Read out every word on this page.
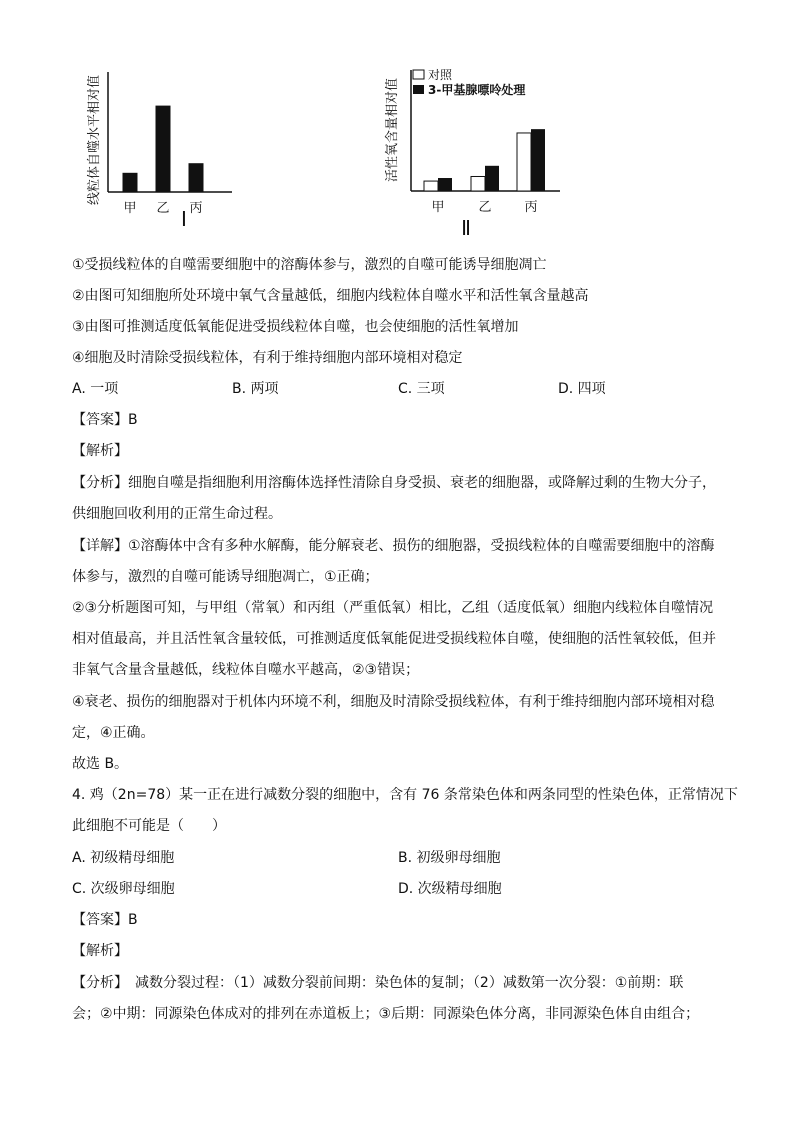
线粒体自噬水平相对值
甲 乙 丙
Ⅰ
活性氧含量相对值
对照
3-甲基腺嘌呤处理
甲	乙	丙
Ⅱ
①受损线粒体的自噬需要细胞中的溶酶体参与，激烈的自噬可能诱导细胞凋亡
②由图可知细胞所处环境中氧气含量越低，细胞内线粒体自噬水平和活性氧含量越高
③由图可推测适度低氧能促进受损线粒体自噬，也会使细胞的活性氧增加
④细胞及时清除受损线粒体，有利于维持细胞内部环境相对稳定
A. 一项	B. 两项	C. 三项	D. 四项
【答案】B
【解析】
【分析】细胞自噬是指细胞利用溶酶体选择性清除自身受损、衰老的细胞器，或降解过剩的生物大分子，
供细胞回收利用的正常生命过程。
【详解】①溶酶体中含有多种水解酶，能分解衰老、损伤的细胞器，受损线粒体的自噬需要细胞中的溶酶
体参与，激烈的自噬可能诱导细胞凋亡，①正确；
②③分析题图可知，与甲组（常氧）和丙组（严重低氧）相比，乙组（适度低氧）细胞内线粒体自噬情况
相对值最高，并且活性氧含量较低，可推测适度低氧能促进受损线粒体自噬，使细胞的活性氧较低，但并
非氧气含量含量越低，线粒体自噬水平越高，②③错误；
④衰老、损伤的细胞器对于机体内环境不利，细胞及时清除受损线粒体，有利于维持细胞内部环境相对稳
定，④正确。
故选 B。
4. 鸡（2n=78）某一正在进行减数分裂的细胞中，含有 76 条常染色体和两条同型的性染色体，正常情况下
此细胞不可能是（　　）
A. 初级精母细胞	B. 初级卵母细胞
C. 次级卵母细胞	D. 次级精母细胞
【答案】B
【解析】
【分析】　减数分裂过程：（1）减数分裂前间期：染色体的复制；（2）减数第一次分裂：①前期：联
会；②中期：同源染色体成对的排列在赤道板上；③后期：同源染色体分离，非同源染色体自由组合；
